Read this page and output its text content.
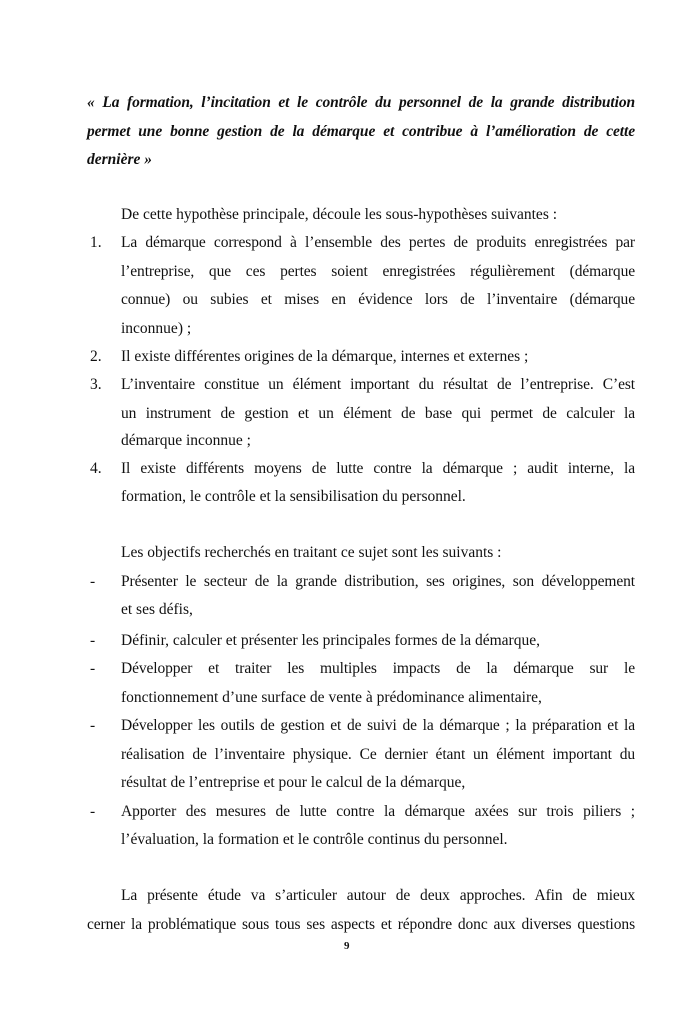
« La formation, l’incitation et le contrôle du personnel de la grande distribution
permet une bonne gestion de la démarque et contribue à l’amélioration de cette
dernière »
De cette hypothèse principale, découle les sous-hypothèses suivantes :
1. La démarque correspond à l’ensemble des pertes de produits enregistrées par
l’entreprise, que ces pertes soient enregistrées régulièrement (démarque
connue) ou subies et mises en évidence lors de l’inventaire (démarque
inconnue) ;
2. Il existe différentes origines de la démarque, internes et externes ;
3. L’inventaire constitue un élément important du résultat de l’entreprise. C’est
un instrument de gestion et un élément de base qui permet de calculer la
démarque inconnue ;
4. Il existe différents moyens de lutte contre la démarque ; audit interne, la
formation, le contrôle et la sensibilisation du personnel.
Les objectifs recherchés en traitant ce sujet sont les suivants :
- Présenter le secteur de la grande distribution, ses origines, son développement
et ses défis,
- Définir, calculer et présenter les principales formes de la démarque,
- Développer et traiter les multiples impacts de la démarque sur le
fonctionnement d’une surface de vente à prédominance alimentaire,
- Développer les outils de gestion et de suivi de la démarque ; la préparation et la
réalisation de l’inventaire physique. Ce dernier étant un élément important du
résultat de l’entreprise et pour le calcul de la démarque,
- Apporter des mesures de lutte contre la démarque axées sur trois piliers ;
l’évaluation, la formation et le contrôle continus du personnel.
La présente étude va s’articuler autour de deux approches. Afin de mieux
cerner la problématique sous tous ses aspects et répondre donc aux diverses questions
9
